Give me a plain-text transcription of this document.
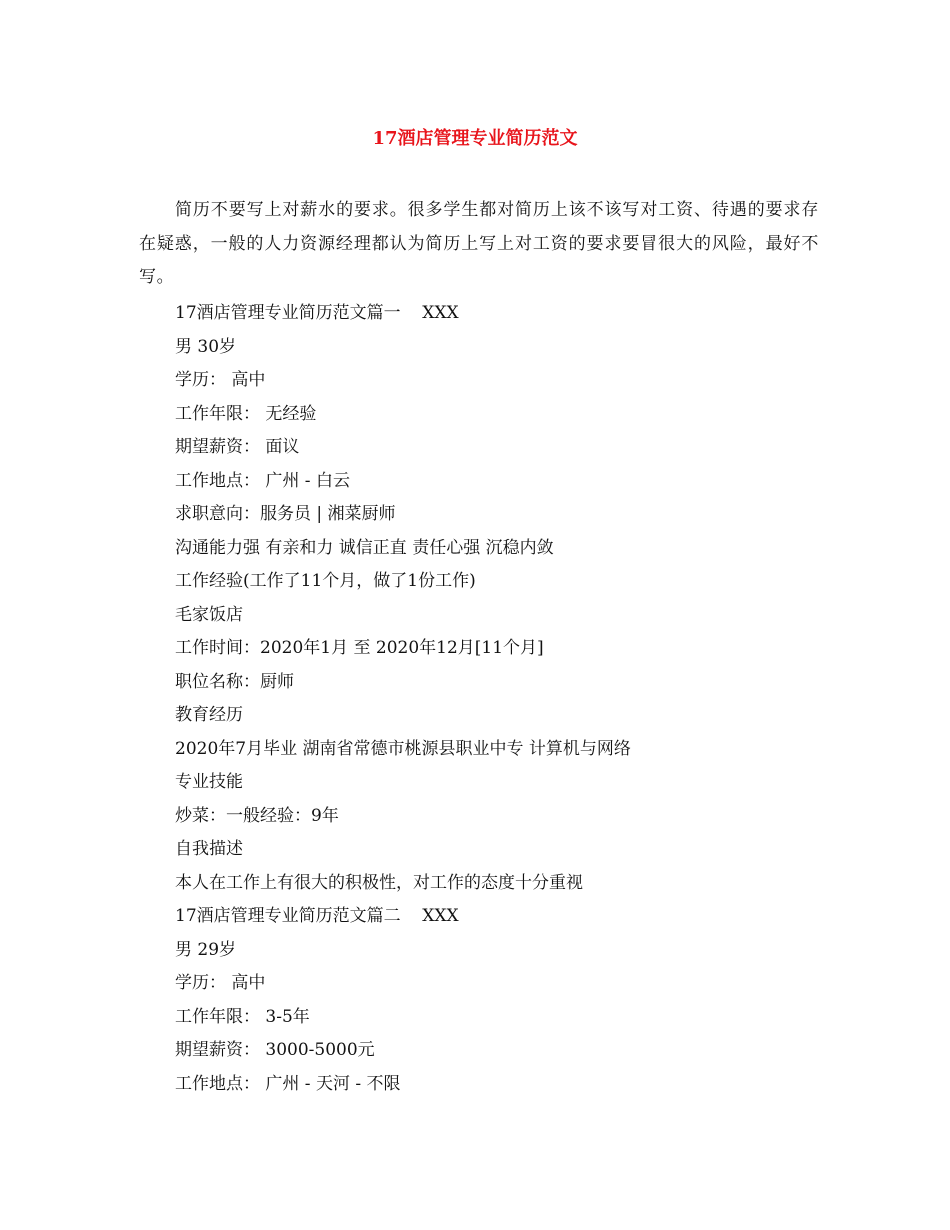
17酒店管理专业简历范文
简历不要写上对薪水的要求。很多学生都对简历上该不该写对工资、待遇的要求存在疑惑，一般的人力资源经理都认为简历上写上对工资的要求要冒很大的风险，最好不写。
17酒店管理专业简历范文篇一    XXX
男 30岁
学历： 高中
工作年限： 无经验
期望薪资： 面议
工作地点： 广州 - 白云
求职意向：服务员 | 湘菜厨师
沟通能力强 有亲和力 诚信正直 责任心强 沉稳内敛
工作经验(工作了11个月，做了1份工作)
毛家饭店
工作时间：2020年1月 至 2020年12月[11个月]
职位名称：厨师
教育经历
2020年7月毕业 湖南省常德市桃源县职业中专 计算机与网络
专业技能
炒菜：一般经验：9年
自我描述
本人在工作上有很大的积极性，对工作的态度十分重视
17酒店管理专业简历范文篇二    XXX
男 29岁
学历： 高中
工作年限： 3-5年
期望薪资： 3000-5000元
工作地点： 广州 - 天河 - 不限
